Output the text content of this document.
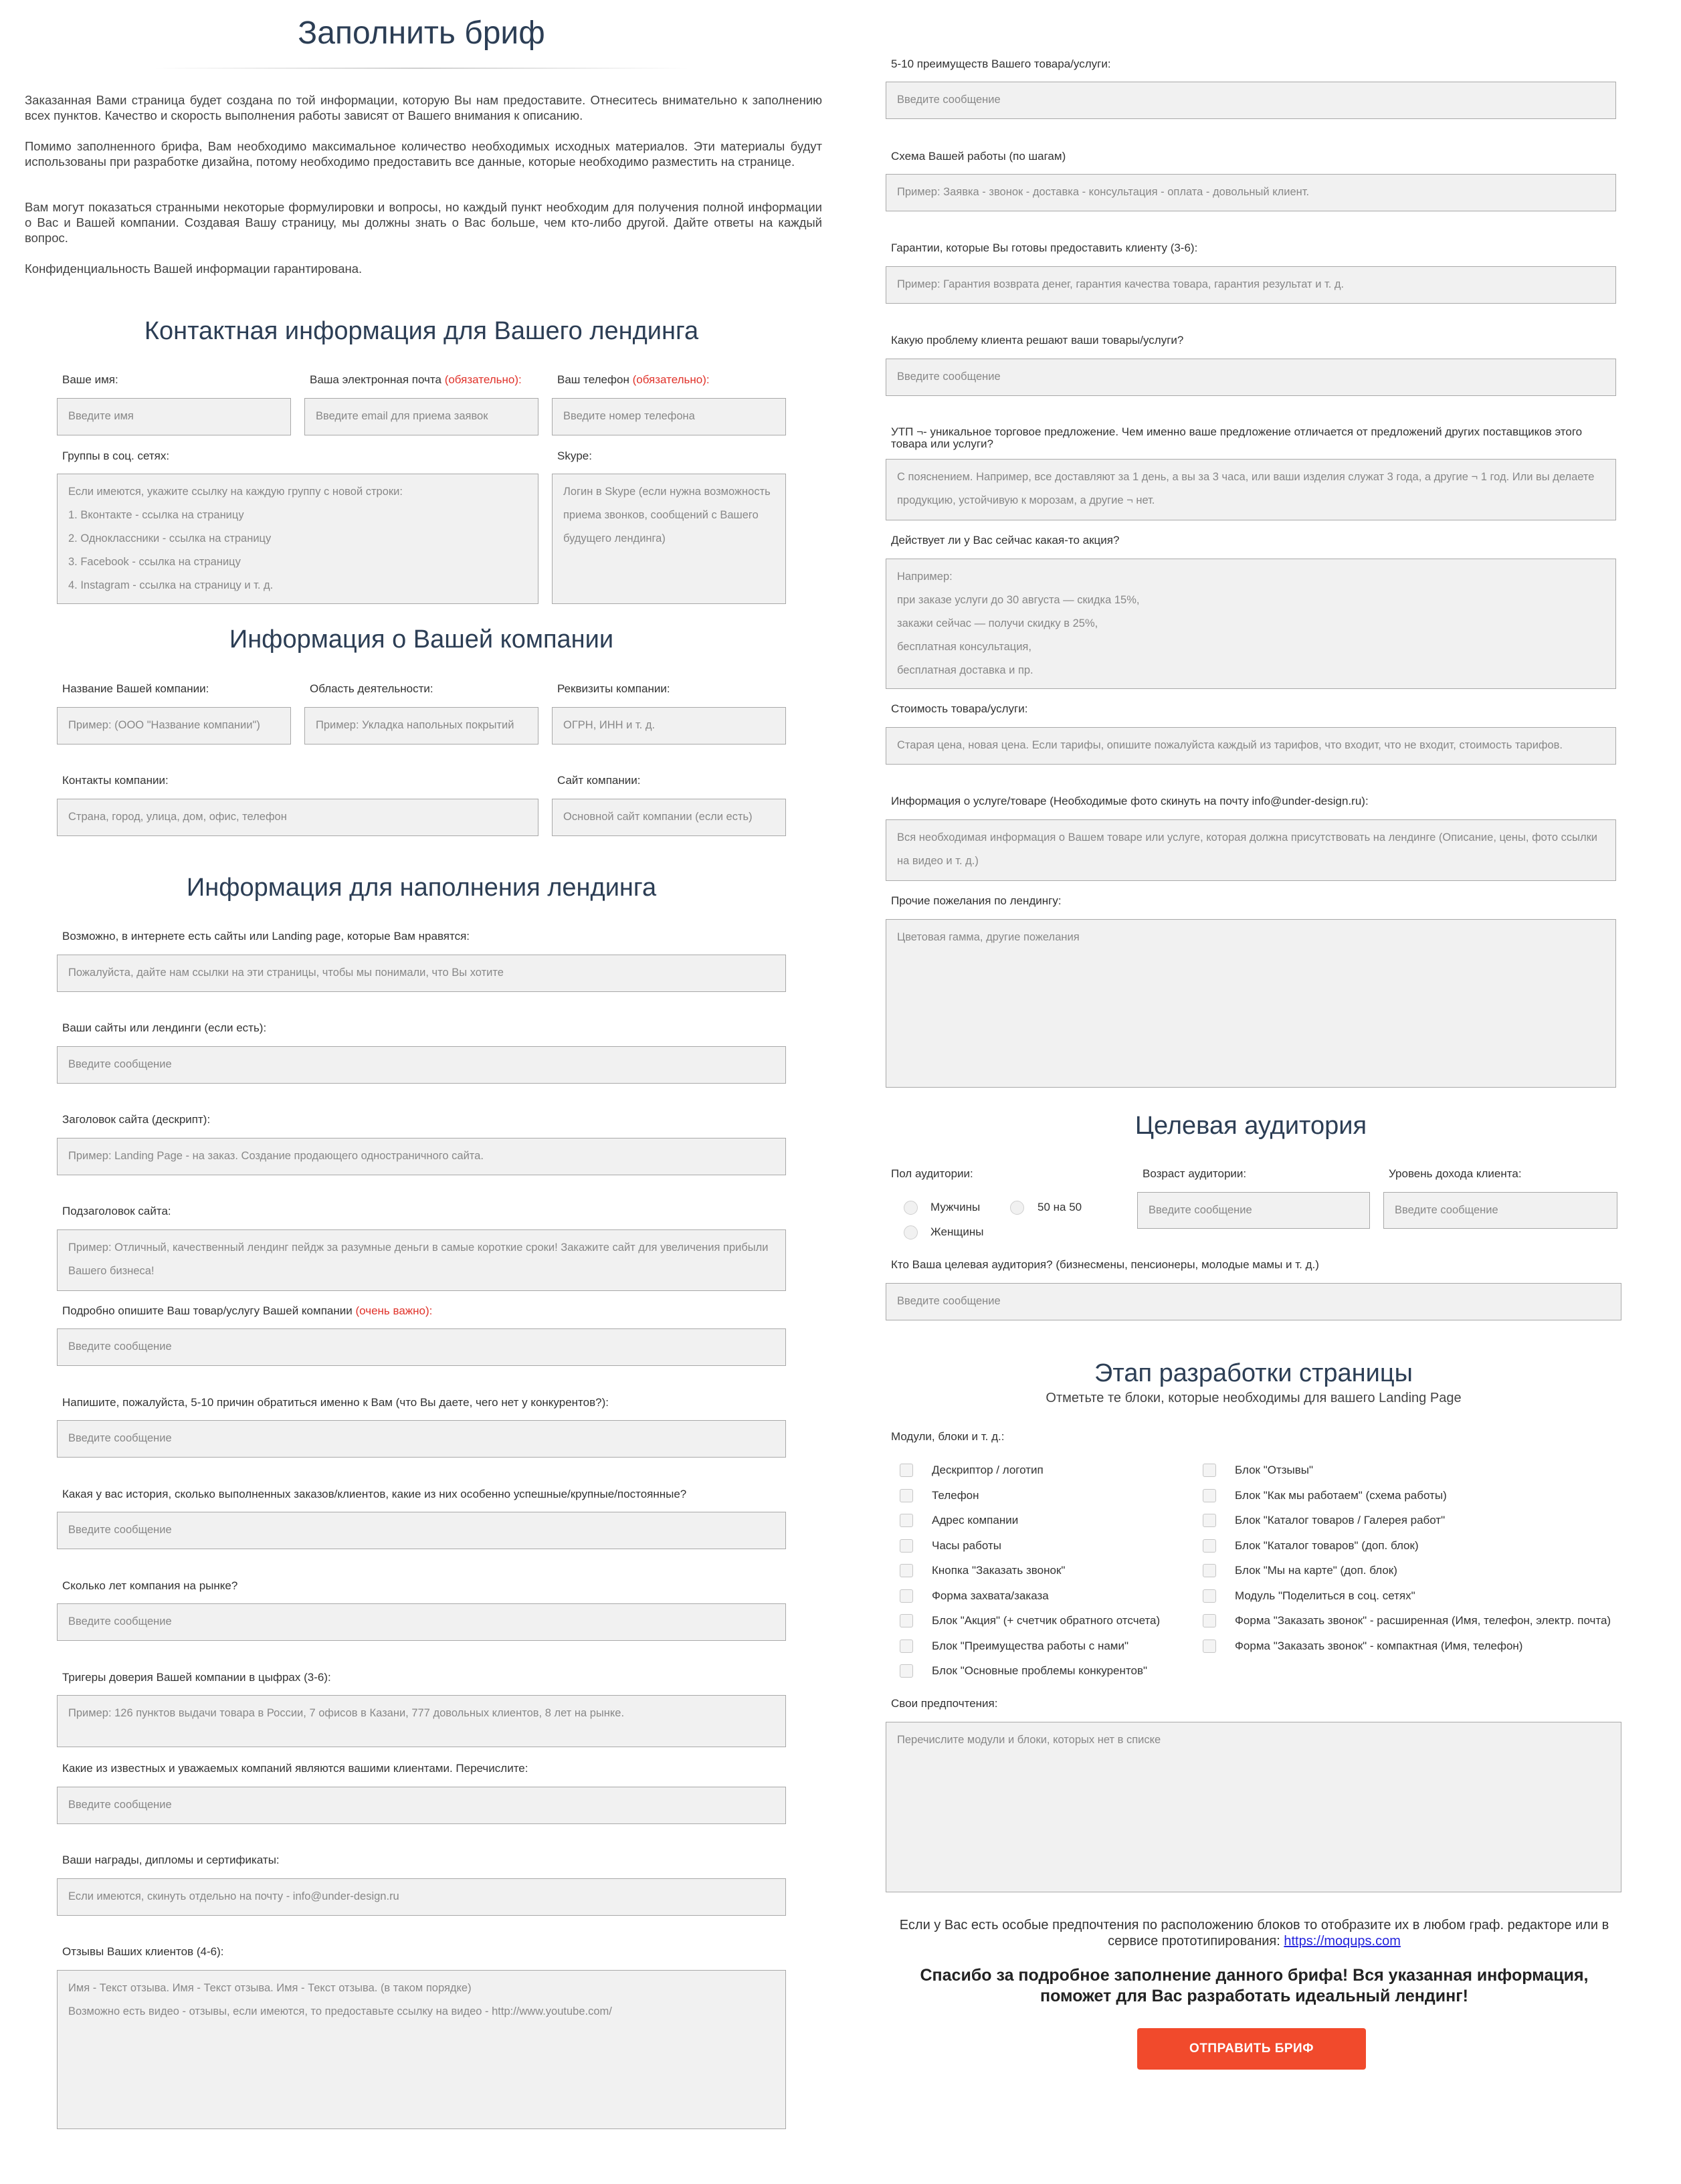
Заполнить бриф

Заказанная Вами страница будет создана по той информации, которую Вы нам предоставите. Отнеситесь внимательно к заполнению всех пунктов. Качество и скорость выполнения работы зависят от Вашего внимания к описанию.

Помимо заполненного брифа, Вам необходимо максимальное количество необходимых исходных материалов. Эти материалы будут использованы при разработке дизайна, потому необходимо предоставить все данные, которые необходимо разместить на странице.

Вам могут показаться странными некоторые формулировки и вопросы, но каждый пункт необходим для получения полной информации о Вас и Вашей компании. Создавая Вашу страницу, мы должны знать о Вас больше, чем кто-либо другой. Дайте ответы на каждый вопрос.

Конфиденциальность Вашей информации гарантирована.

Контактная информация для Вашего лендинга
Ваше имя:	Ваша электронная почта (обязательно):	Ваш телефон (обязательно):
Введите имя	Введите email для приема заявок	Введите номер телефона
Группы в соц. сетях:	Skype:
Если имеются, укажите ссылку на каждую группу с новой строки:
1. Вконтакте - ссылка на страницу
2. Одноклассники - ссылка на страницу
3. Facebook - ссылка на страницу
4. Instagram - ссылка на страницу и т. д.
Логин в Skype (если нужна возможность приема звонков, сообщений с Вашего будущего лендинга)
Информация о Вашей компании
Название Вашей компании:	Область деятельности:	Реквизиты компании:
Пример: (ООО "Название компании")	Пример: Укладка напольных покрытий	ОГРН, ИНН и т. д.
Контакты компании:	Сайт компании:
Страна, город, улица, дом, офис, телефон	Основной сайт компании (если есть)
Информация для наполнения лендинга
Возможно, в интернете есть сайты или Landing page, которые Вам нравятся:
Пожалуйста, дайте нам ссылки на эти страницы, чтобы мы понимали, что Вы хотите
Ваши сайты или лендинги (если есть):
Введите сообщение
Заголовок сайта (дескрипт):
Пример: Landing Page - на заказ. Создание продающего одностраничного сайта.
Подзаголовок сайта:
Пример: Отличный, качественный лендинг пейдж за разумные деньги в самые короткие сроки! Закажите сайт для увеличения прибыли Вашего бизнеса!
Подробно опишите Ваш товар/услугу Вашей компании (очень важно):
Введите сообщение
Напишите, пожалуйста, 5-10 причин обратиться именно к Вам (что Вы даете, чего нет у конкурентов?):
Введите сообщение
Какая у вас история, сколько выполненных заказов/клиентов, какие из них особенно успешные/крупные/постоянные?
Введите сообщение
Сколько лет компания на рынке?
Введите сообщение
Тригеры доверия Вашей компании в цыфрах (3-6):
Пример: 126 пунктов выдачи товара в России, 7 офисов в Казани, 777 довольных клиентов, 8 лет на рынке.
Какие из известных и уважаемых компаний являются вашими клиентами. Перечислите:
Введите сообщение
Ваши награды, дипломы и сертификаты:
Если имеются, скинуть отдельно на почту - info@under-design.ru
Отзывы Ваших клиентов (4-6):
Имя - Текст отзыва. Имя - Текст отзыва. Имя - Текст отзыва. (в таком порядке)
Возможно есть видео - отзывы, если имеются, то предоставьте ссылку на видео - http://www.youtube.com/
5-10 преимуществ Вашего товара/услуги:
Введите сообщение
Схема Вашей работы (по шагам)
Пример: Заявка - звонок - доставка - консультация - оплата - довольный клиент.
Гарантии, которые Вы готовы предоставить клиенту (3-6):
Пример: Гарантия возврата денег, гарантия качества товара, гарантия результат и т. д.
Какую проблему клиента решают ваши товары/услуги?
Введите сообщение
УТП ¬- уникальное торговое предложение. Чем именно ваше предложение отличается от предложений других поставщиков этого товара или услуги?
С пояснением. Например, все доставляют за 1 день, а вы за 3 часа, или ваши изделия служат 3 года, а другие ¬ 1 год. Или вы делаете продукцию, устойчивую к морозам, а другие ¬ нет.
Действует ли у Вас сейчас какая-то акция?
Например:
при заказе услуги до 30 августа — скидка 15%,
закажи сейчас — получи скидку в 25%,
бесплатная консультация,
бесплатная доставка и пр.
Стоимость товара/услуги:
Старая цена, новая цена. Если тарифы, опишите пожалуйста каждый из тарифов, что входит, что не входит, стоимость тарифов.
Информация о услуге/товаре (Необходимые фото скинуть на почту info@under-design.ru):
Вся необходимая информация о Вашем товаре или услуге, которая должна присутствовать на лендинге (Описание, цены, фото ссылки на видео и т. д.)
Прочие пожелания по лендингу:
Цветовая гамма, другие пожелания
Целевая аудитория
Пол аудитории:	Возраст аудитории:	Уровень дохода клиента:
Мужчины	50 на 50
Женщины
Введите сообщение	Введите сообщение
Кто Ваша целевая аудитория? (бизнесмены, пенсионеры, молодые мамы и т. д.)
Введите сообщение
Этап разработки страницы
Отметьте те блоки, которые необходимы для вашего Landing Page
Модули, блоки и т. д.:
Дескриптор / логотип
Телефон
Адрес компании
Часы работы
Кнопка "Заказать звонок"
Форма захвата/заказа
Блок "Акция" (+ счетчик обратного отсчета)
Блок "Преимущества работы с нами"
Блок "Основные проблемы конкурентов"
Блок "Отзывы"
Блок "Как мы работаем" (схема работы)
Блок "Каталог товаров / Галерея работ"
Блок "Каталог товаров" (доп. блок)
Блок "Мы на карте" (доп. блок)
Модуль "Поделиться в соц. сетях"
Форма "Заказать звонок" - расширенная (Имя, телефон, электр. почта)
Форма "Заказать звонок" - компактная (Имя, телефон)
Свои предпочтения:
Перечислите модули и блоки, которых нет в списке
Если у Вас есть особые предпочтения по расположению блоков то отобразите их в любом граф. редакторе или в сервисе прототипирования: https://moqups.com
Спасибо за подробное заполнение данного брифа! Вся указанная информация, поможет для Вас разработать идеальный лендинг!
ОТПРАВИТЬ БРИФ
